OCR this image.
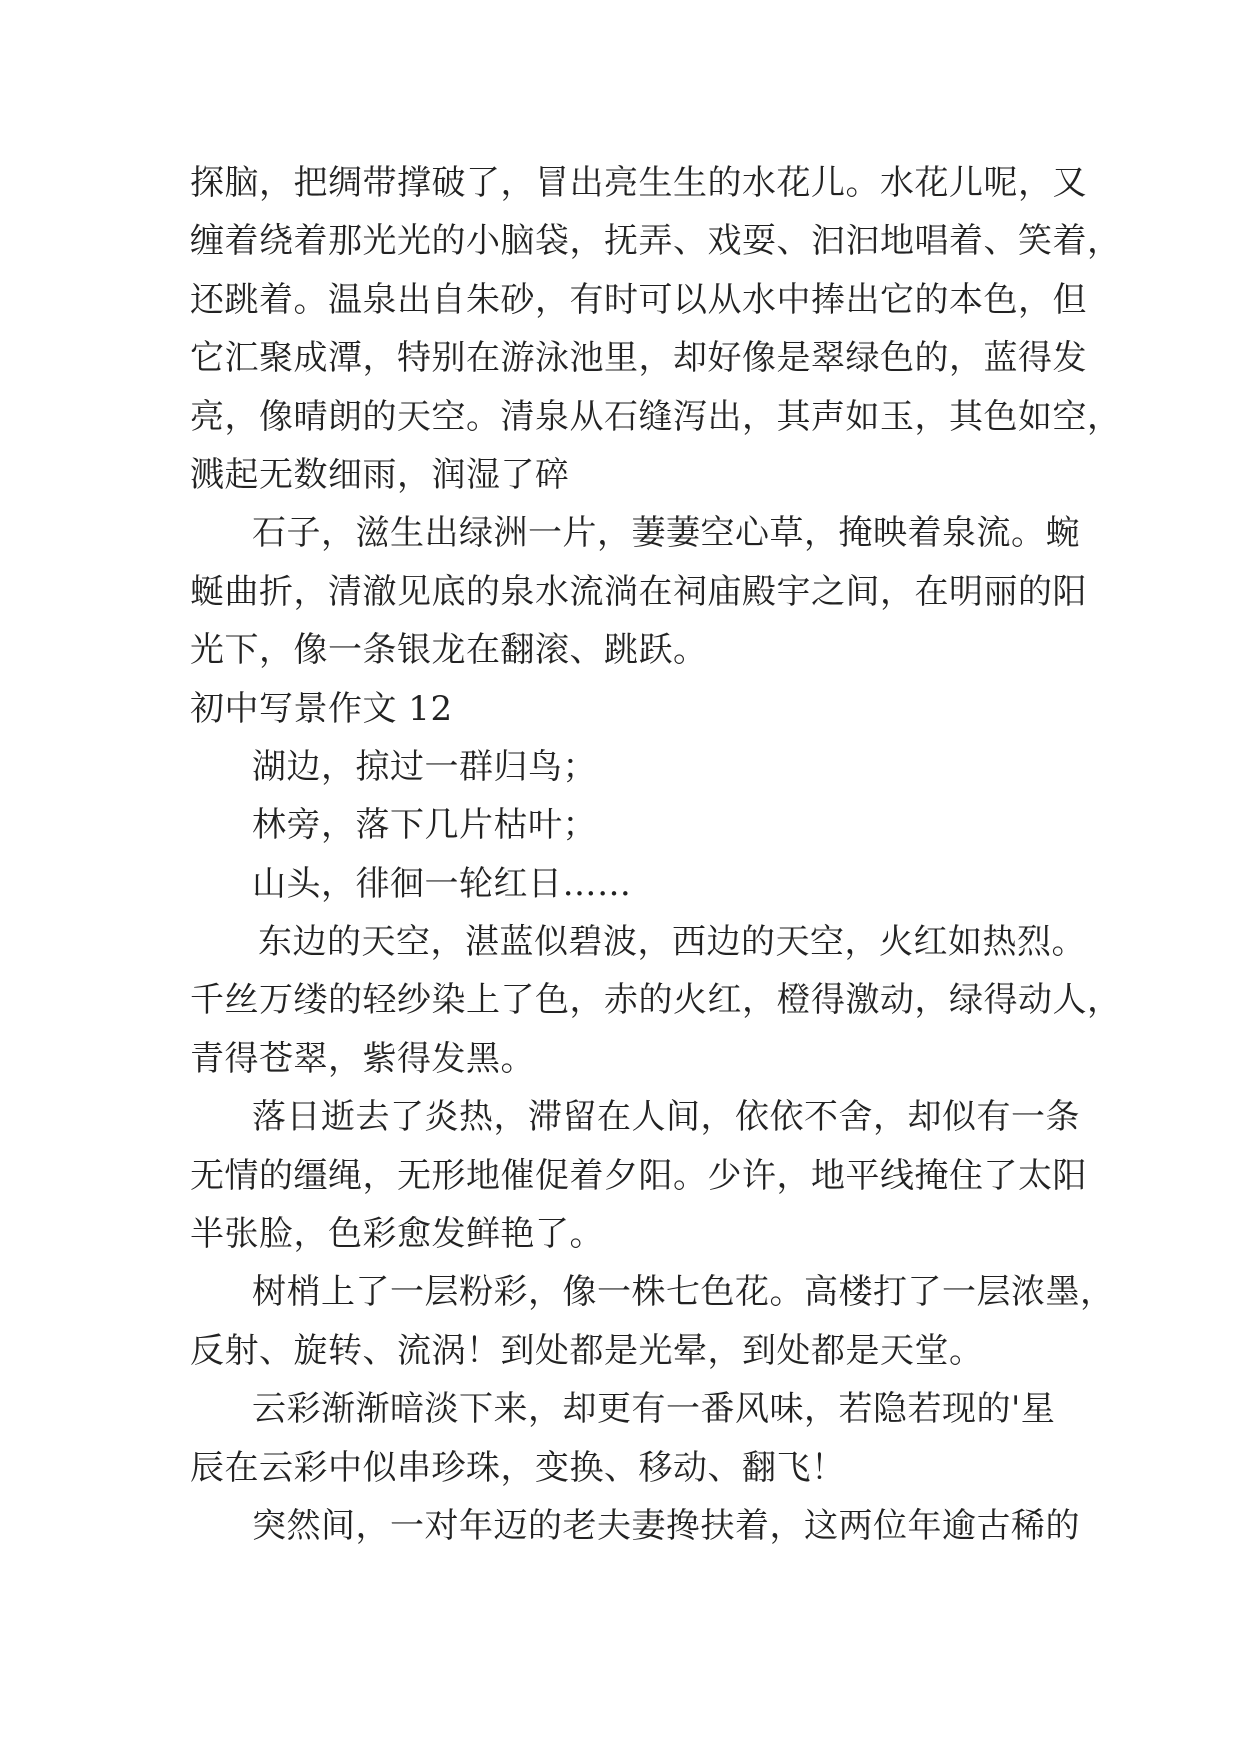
探脑，把绸带撑破了，冒出亮生生的水花儿。水花儿呢，又
缠着绕着那光光的小脑袋，抚弄、戏耍、汩汩地唱着、笑着，
还跳着。温泉出自朱砂，有时可以从水中捧出它的本色，但
它汇聚成潭，特别在游泳池里，却好像是翠绿色的，蓝得发
亮，像晴朗的天空。清泉从石缝泻出，其声如玉，其色如空，
溅起无数细雨，润湿了碎
石子，滋生出绿洲一片，萋萋空心草，掩映着泉流。蜿
蜒曲折，清澈见底的泉水流淌在祠庙殿宇之间，在明丽的阳
光下，像一条银龙在翻滚、跳跃。
初中写景作文 12
湖边，掠过一群归鸟；
林旁，落下几片枯叶；
山头，徘徊一轮红日……
东边的天空，湛蓝似碧波，西边的天空，火红如热烈。
千丝万缕的轻纱染上了色，赤的火红，橙得激动，绿得动人，
青得苍翠，紫得发黑。
落日逝去了炎热，滞留在人间，依依不舍，却似有一条
无情的缰绳，无形地催促着夕阳。少许，地平线掩住了太阳
半张脸，色彩愈发鲜艳了。
树梢上了一层粉彩，像一株七色花。高楼打了一层浓墨，
反射、旋转、流涡！到处都是光晕，到处都是天堂。
云彩渐渐暗淡下来，却更有一番风味，若隐若现的'星
辰在云彩中似串珍珠，变换、移动、翻飞！
突然间，一对年迈的老夫妻搀扶着，这两位年逾古稀的
